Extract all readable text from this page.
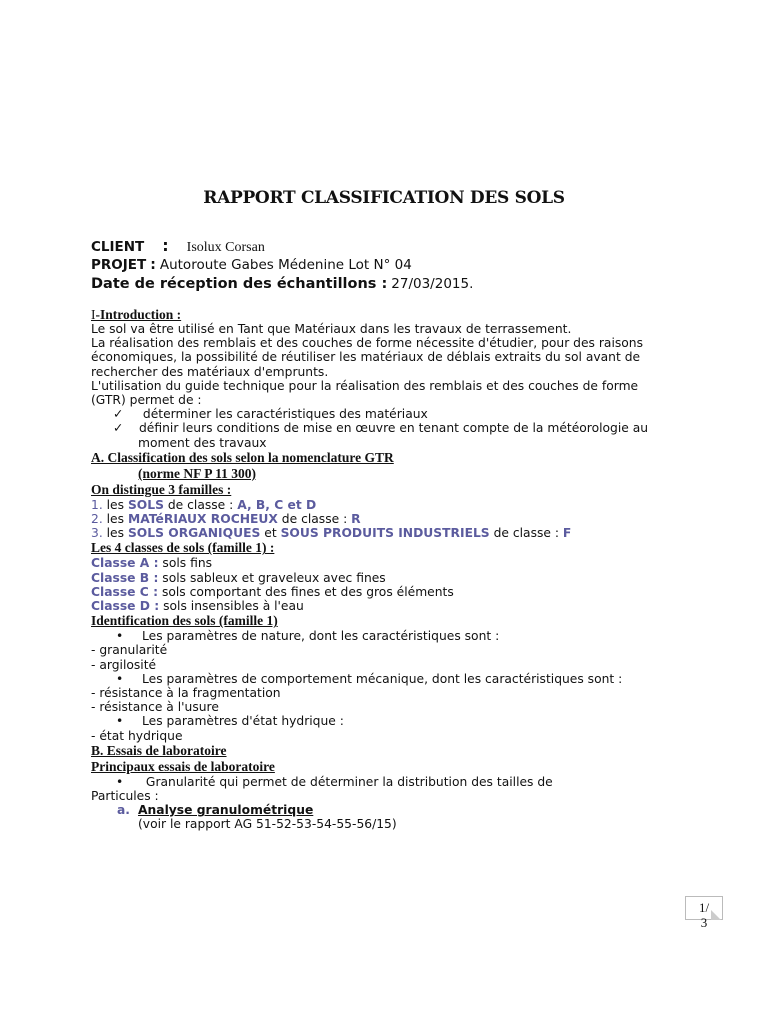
RAPPORT CLASSIFICATION DES SOLS
CLIENT : Isolux Corsan
PROJET : Autoroute Gabes Médenine Lot N° 04
Date de réception des échantillons : 27/03/2015.
I-Introduction :
Le sol va être utilisé en Tant que Matériaux dans les travaux de terrassement.
La réalisation des remblais et des couches de forme nécessite d'étudier, pour des raisons
économiques, la possibilité de réutiliser les matériaux de déblais extraits du sol avant de
rechercher des matériaux d'emprunts.
L'utilisation du guide technique pour la réalisation des remblais et des couches de forme
(GTR) permet de :
✓ déterminer les caractéristiques des matériaux
✓ définir leurs conditions de mise en œuvre en tenant compte de la météorologie au
moment des travaux
A. Classification des sols selon la nomenclature GTR
(norme NF P 11 300)
On distingue 3 familles :
1. les SOLS de classe : A, B, C et D
2. les MATéRIAUX ROCHEUX de classe : R
3. les SOLS ORGANIQUES et SOUS PRODUITS INDUSTRIELS de classe : F
Les 4 classes de sols (famille 1) :
Classe A : sols fins
Classe B : sols sableux et graveleux avec fines
Classe C : sols comportant des fines et des gros éléments
Classe D : sols insensibles à l'eau
Identification des sols (famille 1)
• Les paramètres de nature, dont les caractéristiques sont :
- granularité
- argilosité
• Les paramètres de comportement mécanique, dont les caractéristiques sont :
- résistance à la fragmentation
- résistance à l'usure
• Les paramètres d'état hydrique :
- état hydrique
B. Essais de laboratoire
Principaux essais de laboratoire
• Granularité qui permet de déterminer la distribution des tailles de
Particules :
a. Analyse granulométrique
(voir le rapport AG 51-52-53-54-55-56/15)
1/
3
